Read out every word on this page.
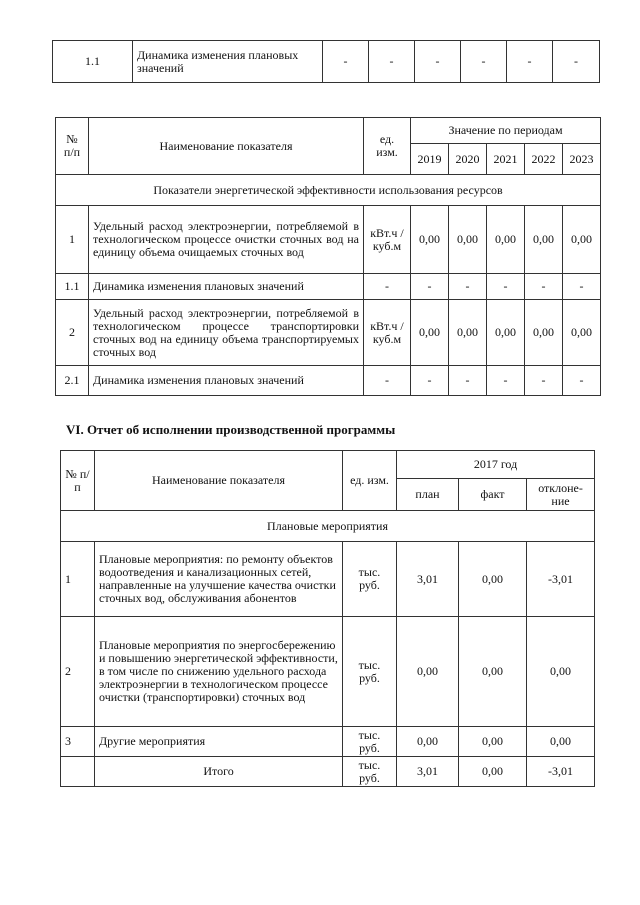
1.1	Динамика изменения плановых значений	-	-	-	-	-	-
№ п/п	Наименование показателя	ед. изм.	Значение по периодам				
			2019	2020	2021	2022	2023
Показатели энергетической эффективности использования ресурсов							
1	Удельный расход электроэнергии, потребляемой в технологическом процессе очистки сточных вод на единицу объема очищаемых сточных вод	кВт.ч / куб.м	0,00	0,00	0,00	0,00	0,00
1.1	Динамика изменения плановых значений	-	-	-	-	-	-
2	Удельный расход электроэнергии, потребляемой в технологическом процессе транспортировки сточных вод на единицу объема транспортируемых сточных вод	кВт.ч / куб.м	0,00	0,00	0,00	0,00	0,00
2.1	Динамика изменения плановых значений	-	-	-	-	-	-
VI. Отчет об исполнении производственной программы
№ п/п	Наименование показателя	ед. изм.	2017 год		
			план	факт	отклоне-ние
Плановые мероприятия					
1	Плановые мероприятия: по ремонту объектов водоотведения и канализационных сетей, направленные на улучшение качества очистки сточных вод, обслуживания абонентов	тыс. руб.	3,01	0,00	-3,01
2	Плановые мероприятия по энергосбережению и повышению энергетической эффективности, в том числе по снижению удельного расхода электроэнергии в технологическом процессе очистки (транспортировки) сточных вод	тыс. руб.	0,00	0,00	0,00
3	Другие мероприятия	тыс. руб.	0,00	0,00	0,00
	Итого	тыс. руб.	3,01	0,00	-3,01
